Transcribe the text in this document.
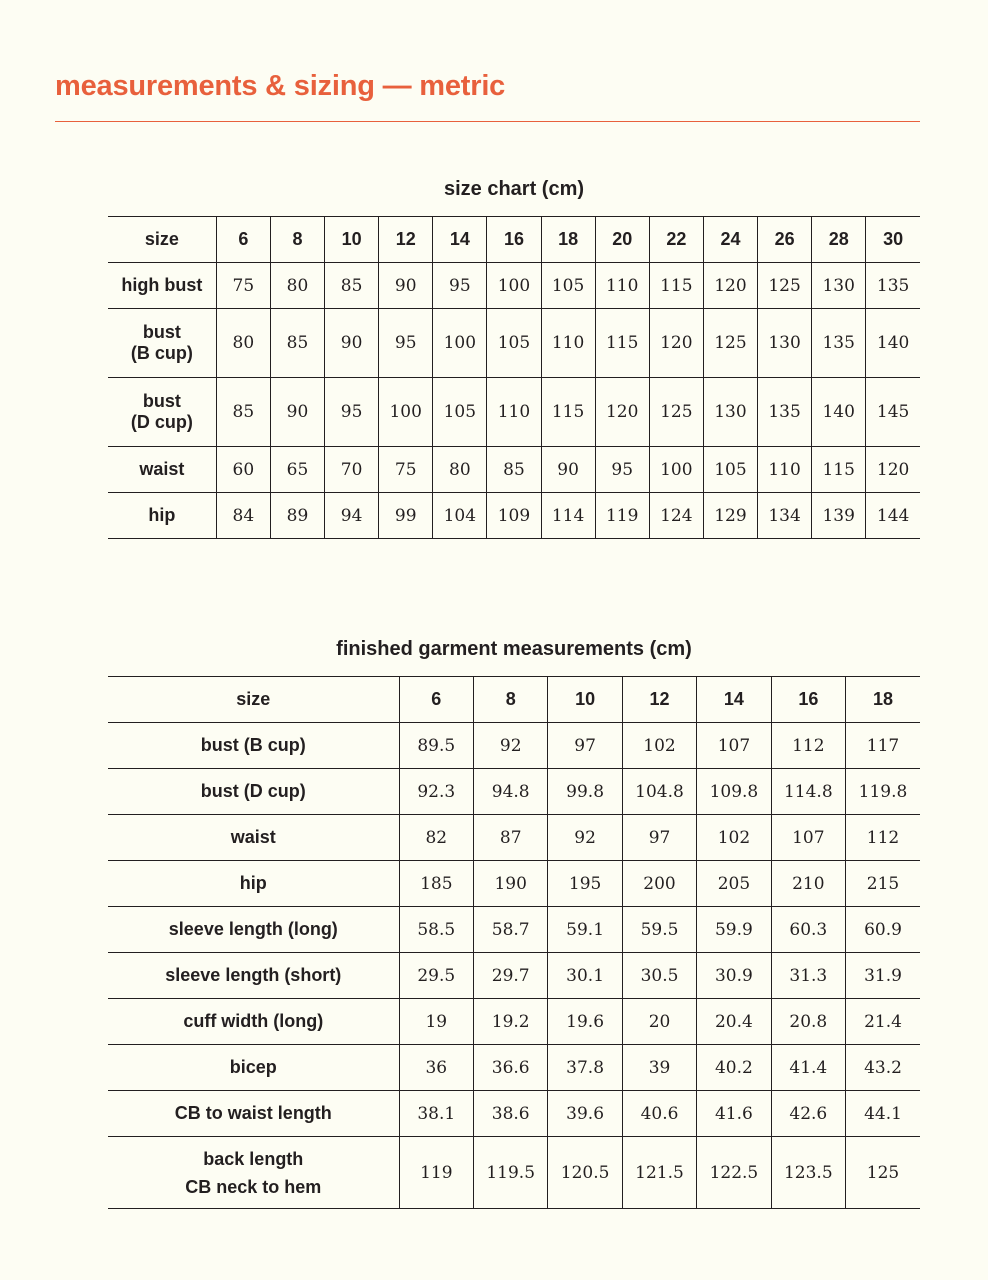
measurements & sizing — metric
size chart (cm)
size	6	8	10	12	14	16	18	20	22	24	26	28	30
high bust	75	80	85	90	95	100	105	110	115	120	125	130	135
bust
(B cup)	80	85	90	95	100	105	110	115	120	125	130	135	140
bust
(D cup)	85	90	95	100	105	110	115	120	125	130	135	140	145
waist	60	65	70	75	80	85	90	95	100	105	110	115	120
hip	84	89	94	99	104	109	114	119	124	129	134	139	144
finished garment measurements (cm)
size	6	8	10	12	14	16	18
bust (B cup)	89.5	92	97	102	107	112	117
bust (D cup)	92.3	94.8	99.8	104.8	109.8	114.8	119.8
waist	82	87	92	97	102	107	112
hip	185	190	195	200	205	210	215
sleeve length (long)	58.5	58.7	59.1	59.5	59.9	60.3	60.9
sleeve length (short)	29.5	29.7	30.1	30.5	30.9	31.3	31.9
cuff width (long)	19	19.2	19.6	20	20.4	20.8	21.4
bicep	36	36.6	37.8	39	40.2	41.4	43.2
CB to waist length	38.1	38.6	39.6	40.6	41.6	42.6	44.1
back length
CB neck to hem	119	119.5	120.5	121.5	122.5	123.5	125
